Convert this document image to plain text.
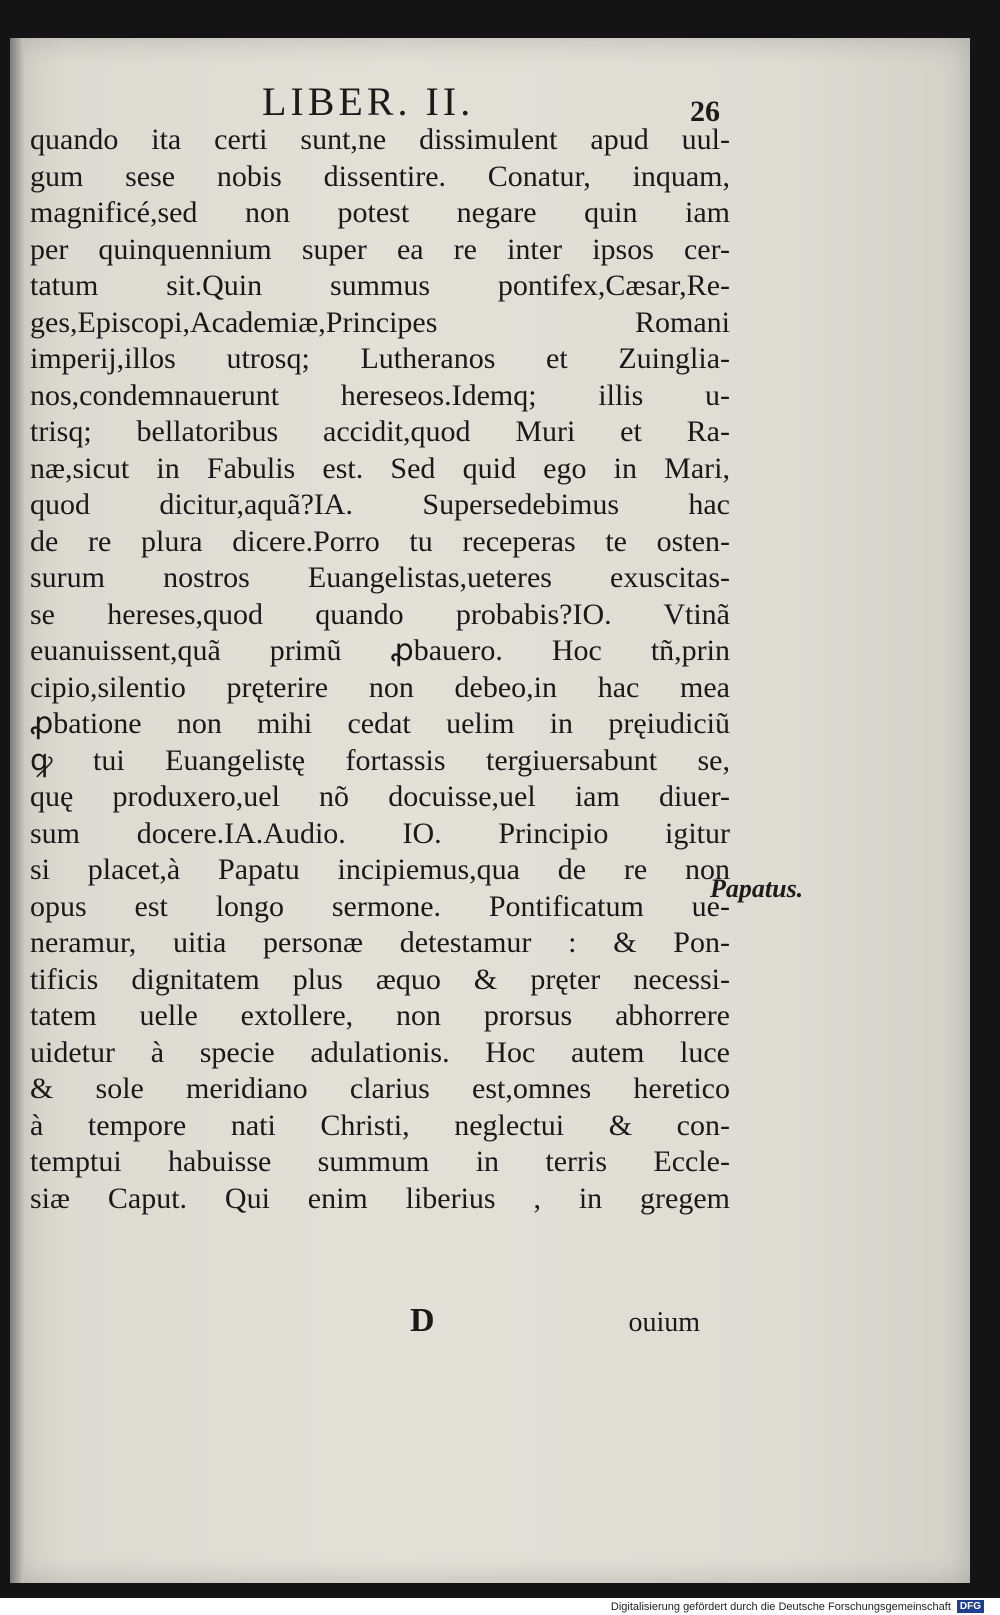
LIBER. II.	26
quando ita certi sunt,ne dissimulent apud uul-
gum sese nobis dissentire. Conatur, inquam,
magnificé,sed non potest negare quin iam
per quinquennium super ea re inter ipsos cer-
tatum sit.Quin summus pontifex,Cæsar,Re-
ges,Episcopi,Academiæ,Principes Romani
imperij,illos utrosq; Lutheranos et Zuinglia-
nos,condemnauerunt hereseos.Idemq; illis u-
trisq; bellatoribus accidit,quod Muri et Ra-
næ,sicut in Fabulis est. Sed quid ego in Mari,
quod dicitur,aquã?IA. Supersedebimus hac
de re plura dicere.Porro tu receperas te osten-
surum nostros Euangelistas,ueteres exuscitas-
se hereses,quod quando probabis?IO. Vtinã
euanuissent,quã primũ ꝓbauero. Hoc tñ,prin
cipio,silentio pręterire non debeo,in hac mea
ꝓbatione non mihi cedat uelim in pręiudiciũ
ꝙ tui Euangelistę fortassis tergiuersabunt se,
quę produxero,uel nõ docuisse,uel iam diuer-
sum docere.IA.Audio. IO. Principio igitur
si placet,à Papatu incipiemus,qua de re non
opus est longo sermone. Pontificatum ue-
neramur, uitia personæ detestamur : & Pon-
tificis dignitatem plus æquo & pręter necessi-
tatem uelle extollere, non prorsus abhorrere
uidetur à specie adulationis. Hoc autem luce
& sole meridiano clarius est,omnes heretico
à tempore nati Christi, neglectui & con-
temptui habuisse summum in terris Eccle-
siæ Caput. Qui enim liberius , in gregem
Papatus.
D	ouium
Digitalisierung gefördert durch die Deutsche Forschungsgemeinschaft DFG
